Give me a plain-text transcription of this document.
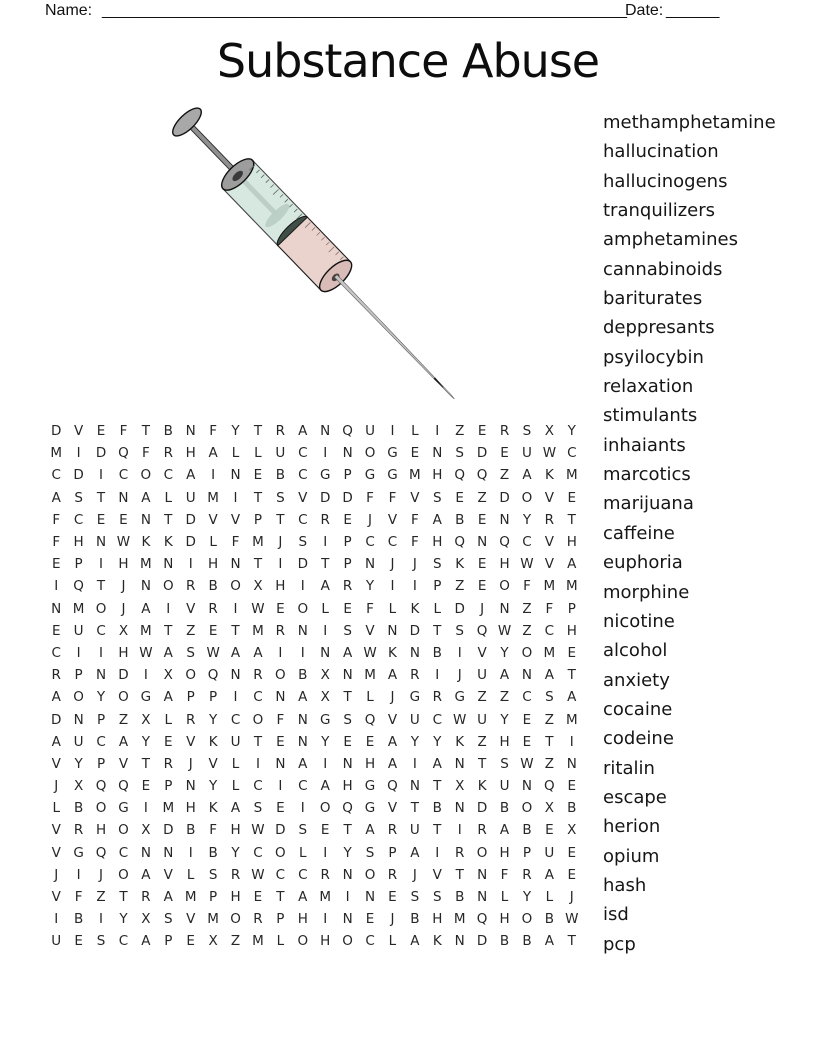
Name: ___________________________________________________________
Date: ______
Substance Abuse
D V	E	F	T	B N F	Y	T	R A N Q U	I	L	I	Z	E R S	X	Y
M	I	D Q F	R H A	L	L	U C	I	N O G E N S D E U W C
C D	I	C O C A	I	N E	B C G P G G M H Q Q Z A K M
A	S	T N A	L	U M	I	T	S	V D D F	F	V	S	E	Z D O V	E
F	C E	E N T D V V	P	T	C R E	J	V	F	A B	E N Y	R	T
F H N W K	K D L	F M	J	S	I	P	C C	F H Q N Q C V H
E	P	I	H M N	I	H N T	I	D T	P N	J	J	S	K	E H W V A
I	Q T	J	N O R B O X H	I	A R	Y	I	I	P	Z	E O F M M
N M O	J	A	I	V R	I	W E O L	E	F	L	K	L D	J	N Z	F	P
E U C X M T	Z	E	T M R N	I	S	V N D T	S Q W Z C H
C	I	I	H W A	S W A A	I	I	N A W K N B	I	V	Y O M E
R	P N D	I	X O Q N R O B X N M A R	I	J	U A N A	T
A O Y O G A	P	P	I	C N A X	T	L	J	G R G Z Z C S	A
D N P	Z X	L	R	Y	C O F N G S Q V U C W U Y	E	Z M
A U C A	Y	E	V K U T	E N Y	E	E	A	Y	Y	K Z H E	T	I
V	Y	P	V	T	R	J	V	L	I	N A	I	N H A	I	A N T	S W Z N
J	X Q Q E	P N Y	L	C	I	C A H G Q N T	X K U N Q E
L	B O G	I	M H K A	S	E	I	O Q G V	T	B N D B O X B
V R H O X D B	F H W D S	E	T	A R U T	I	R A B	E	X
V G Q C N N	I	B	Y	C O L	I	Y	S	P	A	I	R O H P U E
J	I	J	O A V	L	S R W C C R N O R	J	V	T N F	R A	E
V	F	Z	T	R A M P H E	T	A M	I	N E	S	S	B N	L	Y	L	J
I	B	I	Y	X	S	V M O R	P H	I	N E	J	B H M Q H O B W
U E	S C A	P	E	X Z M L O H O C	L	A K N D B B A	T
methamphetamine
hallucination
hallucinogens
tranquilizers
amphetamines
cannabinoids
bariturates
deppresants
psyilocybin
relaxation
stimulants
inhaiants
marcotics
marijuana
caffeine
euphoria
morphine
nicotine
alcohol
anxiety
cocaine
codeine
ritalin
escape
herion
opium
hash
isd
pcp
